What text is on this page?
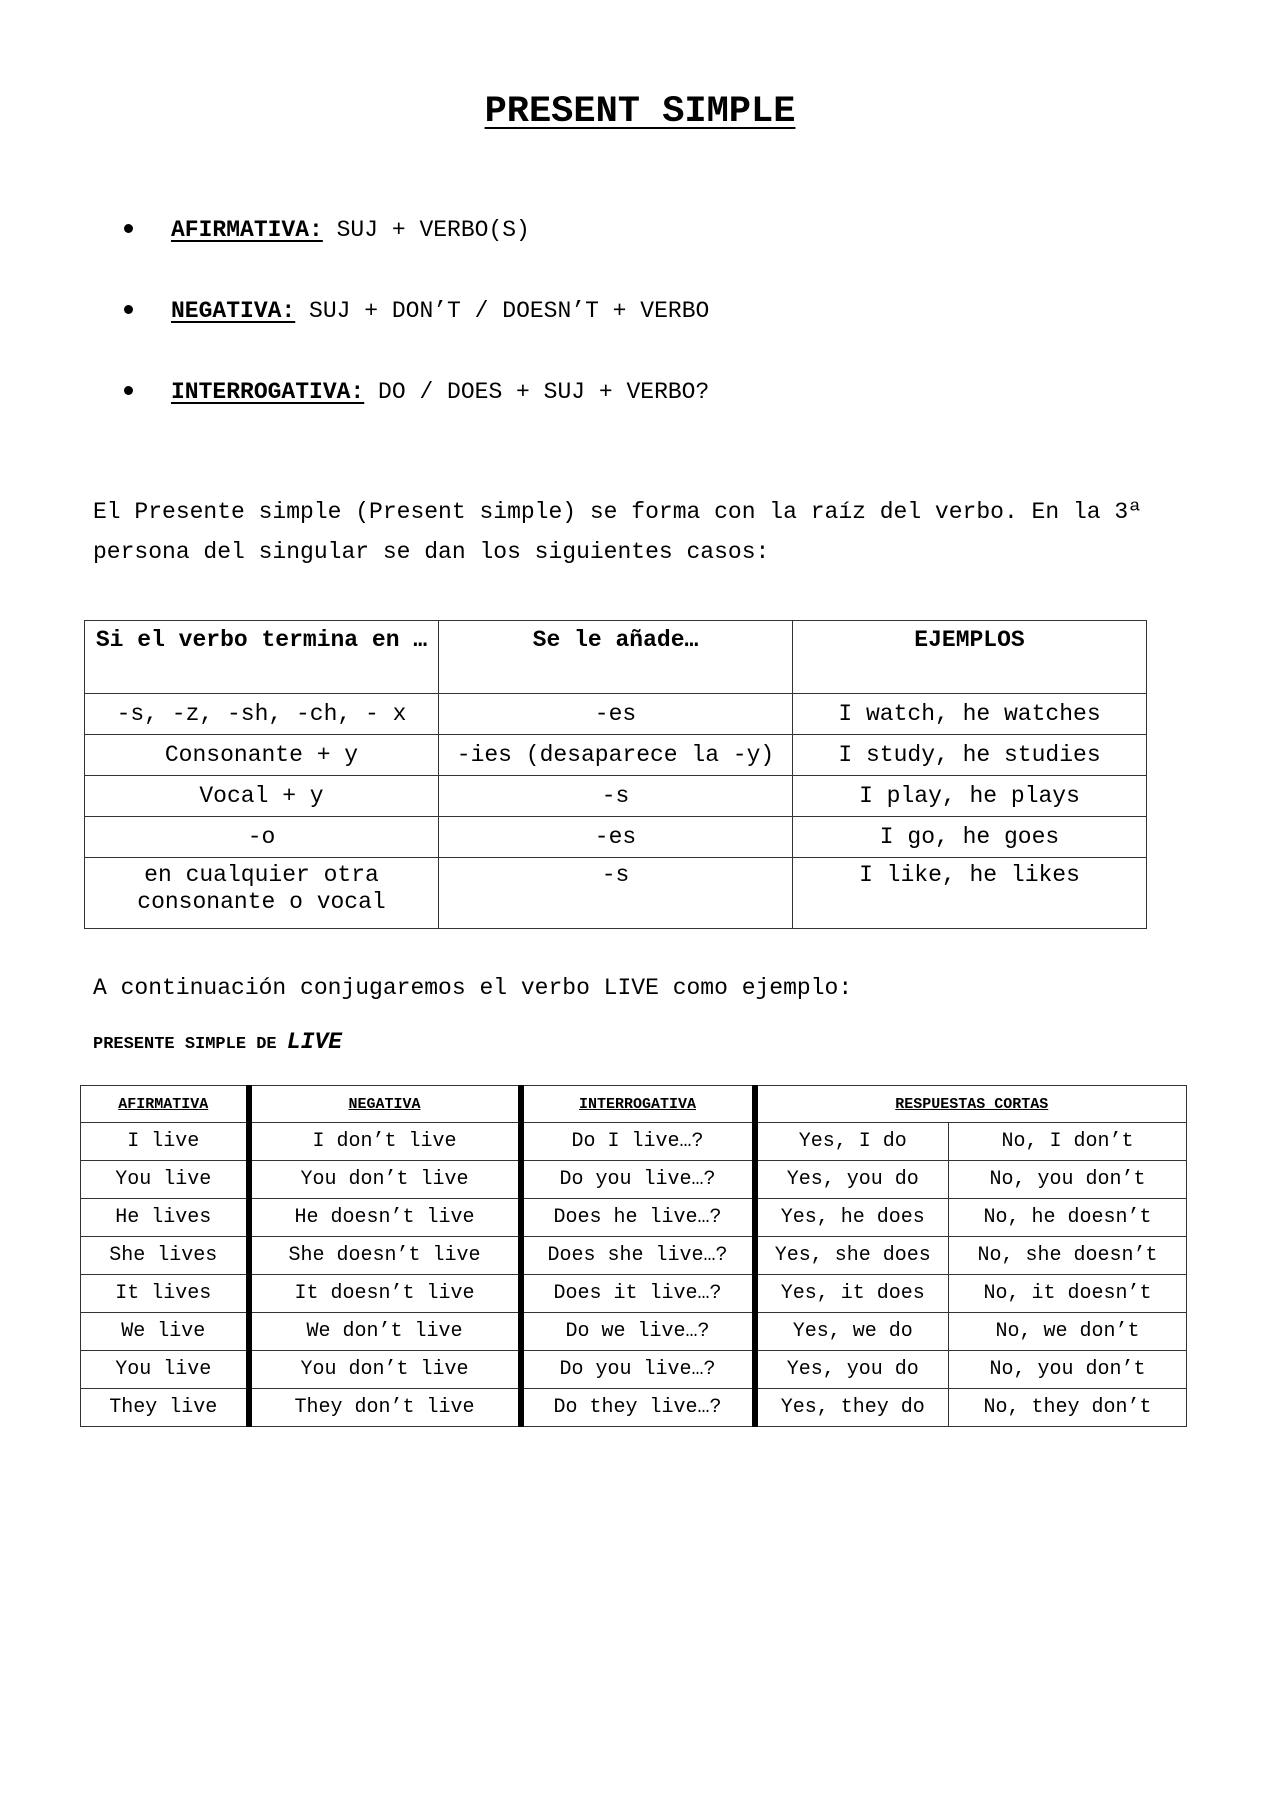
PRESENT SIMPLE

AFIRMATIVA: SUJ + VERBO(S)

NEGATIVA: SUJ + DON’T / DOESN’T + VERBO

INTERROGATIVA: DO / DOES + SUJ + VERBO?

El Presente simple (Present simple) se forma con la raíz del verbo. En la 3ª persona del singular se dan los siguientes casos:

Si el verbo termina en …	Se le añade…	EJEMPLOS
-s, -z, -sh, -ch, - x	-es	I watch, he watches
Consonante + y	-ies (desaparece la -y)	I study, he studies
Vocal + y	-s	I play, he plays
-o	-es	I go, he goes
en cualquier otra consonante o vocal	-s	I like, he likes

A continuación conjugaremos el verbo LIVE como ejemplo:

PRESENTE SIMPLE DE LIVE

AFIRMATIVA	NEGATIVA	INTERROGATIVA	RESPUESTAS CORTAS	
I live	I don’t live	Do I live…?	Yes, I do	No, I don’t
You live	You don’t live	Do you live…?	Yes, you do	No, you don’t
He lives	He doesn’t live	Does he live…?	Yes, he does	No, he doesn’t
She lives	She doesn’t live	Does she live…?	Yes, she does	No, she doesn’t
It lives	It doesn’t live	Does it live…?	Yes, it does	No, it doesn’t
We live	We don’t live	Do we live…?	Yes, we do	No, we don’t
You live	You don’t live	Do you live…?	Yes, you do	No, you don’t
They live	They don’t live	Do they live…?	Yes, they do	No, they don’t
